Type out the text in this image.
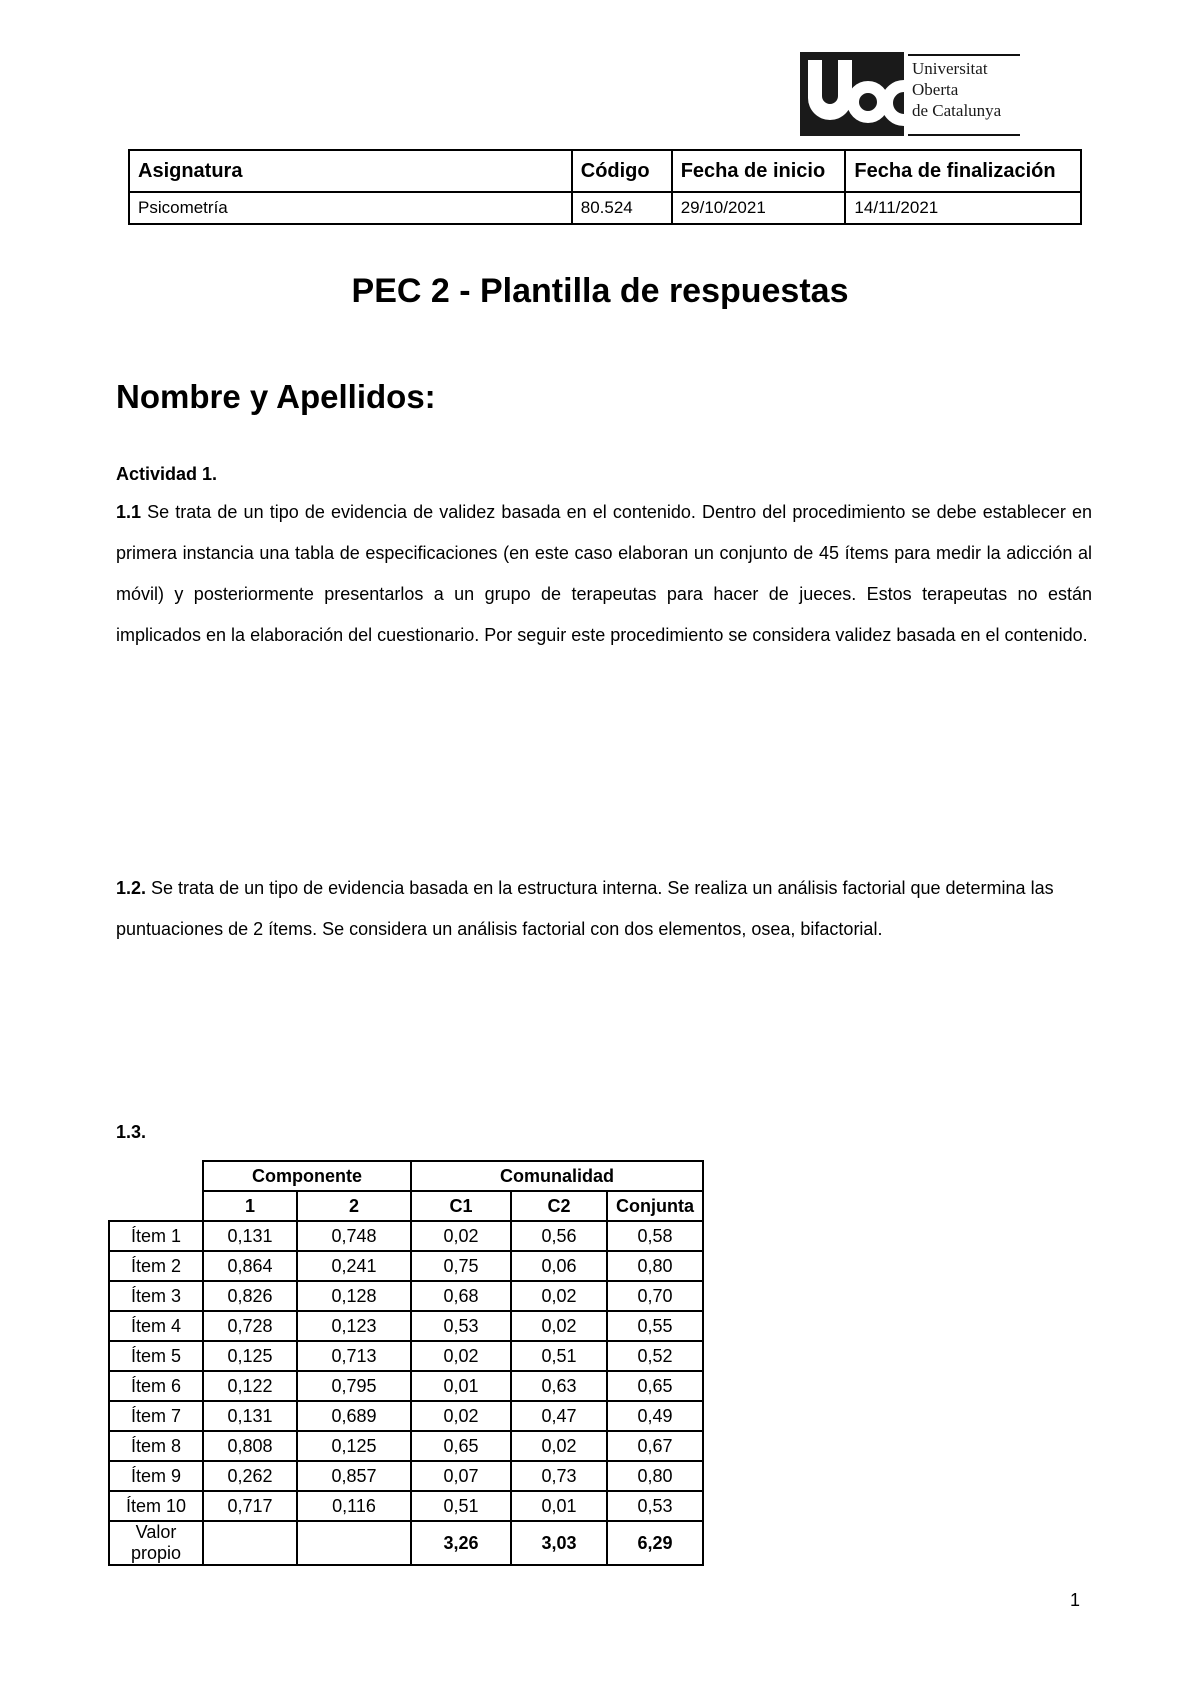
Universitat
Oberta
de Catalunya
Asignatura	Código	Fecha de inicio	Fecha de finalización
Psicometría	80.524	29/10/2021	14/11/2021
PEC 2 - Plantilla de respuestas
Nombre y Apellidos:
Actividad 1.
1.1 Se trata de un tipo de evidencia de validez basada en el contenido. Dentro del procedimiento se debe establecer en primera instancia una tabla de especificaciones (en este caso elaboran un conjunto de 45 ítems para medir la adicción al móvil) y posteriormente presentarlos a un grupo de terapeutas para hacer de jueces. Estos terapeutas no están implicados en la elaboración del cuestionario. Por seguir este procedimiento se considera validez basada en el contenido.
1.2. Se trata de un tipo de evidencia basada en la estructura interna. Se realiza un análisis factorial que determina las puntuaciones de 2 ítems. Se considera un análisis factorial con dos elementos, osea, bifactorial.
1.3.
	Componente		Comunalidad		
	1	2	C1	C2	Conjunta
Ítem 1	0,131	0,748	0,02	0,56	0,58
Ítem 2	0,864	0,241	0,75	0,06	0,80
Ítem 3	0,826	0,128	0,68	0,02	0,70
Ítem 4	0,728	0,123	0,53	0,02	0,55
Ítem 5	0,125	0,713	0,02	0,51	0,52
Ítem 6	0,122	0,795	0,01	0,63	0,65
Ítem 7	0,131	0,689	0,02	0,47	0,49
Ítem 8	0,808	0,125	0,65	0,02	0,67
Ítem 9	0,262	0,857	0,07	0,73	0,80
Ítem 10	0,717	0,116	0,51	0,01	0,53
Valor propio			3,26	3,03	6,29
1
